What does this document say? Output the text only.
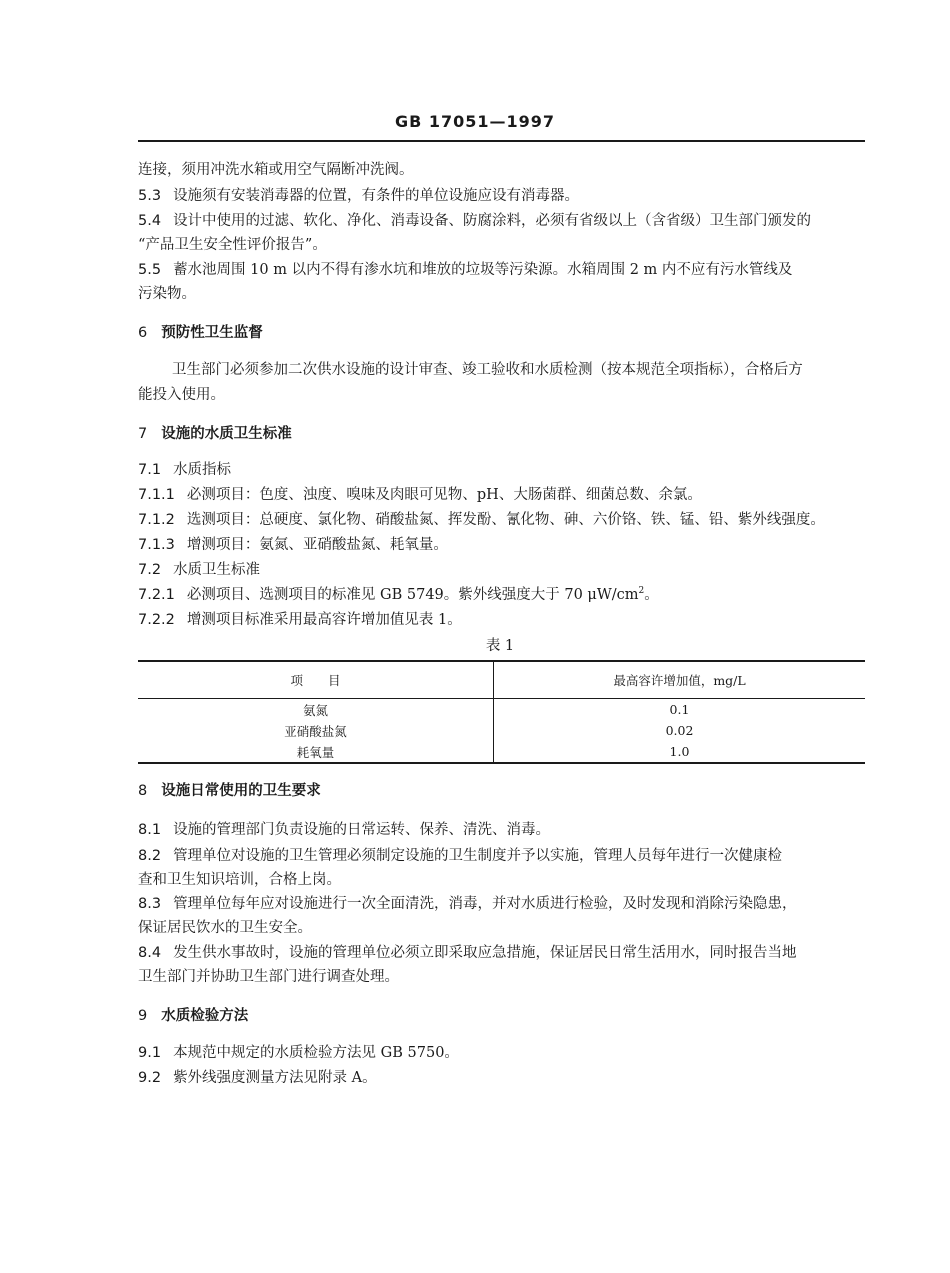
GB 17051—1997
连接，须用冲洗水箱或用空气隔断冲洗阀。
5.3 设施须有安装消毒器的位置，有条件的单位设施应设有消毒器。
5.4 设计中使用的过滤、软化、净化、消毒设备、防腐涂料，必须有省级以上（含省级）卫生部门颁发的
“产品卫生安全性评价报告”。
5.5 蓄水池周围 10 m 以内不得有渗水坑和堆放的垃圾等污染源。水箱周围 2 m 内不应有污水管线及
污染物。
6 预防性卫生监督
卫生部门必须参加二次供水设施的设计审查、竣工验收和水质检测（按本规范全项指标），合格后方
能投入使用。
7 设施的水质卫生标准
7.1 水质指标
7.1.1 必测项目：色度、浊度、嗅味及肉眼可见物、pH、大肠菌群、细菌总数、余氯。
7.1.2 选测项目：总硬度、氯化物、硝酸盐氮、挥发酚、氰化物、砷、六价铬、铁、锰、铅、紫外线强度。
7.1.3 增测项目：氨氮、亚硝酸盐氮、耗氧量。
7.2 水质卫生标准
7.2.1 必测项目、选测项目的标准见 GB 5749。紫外线强度大于 70 $\mu W/cm^2$。
7.2.2 增测项目标准采用最高容许增加值见表 1。
表 1
项　　目	最高容许增加值，mg/L
氨氮	0.1
亚硝酸盐氮	0.02
耗氧量	1.0
8 设施日常使用的卫生要求
8.1 设施的管理部门负责设施的日常运转、保养、清洗、消毒。
8.2 管理单位对设施的卫生管理必须制定设施的卫生制度并予以实施，管理人员每年进行一次健康检
查和卫生知识培训，合格上岗。
8.3 管理单位每年应对设施进行一次全面清洗，消毒，并对水质进行检验，及时发现和消除污染隐患，
保证居民饮水的卫生安全。
8.4 发生供水事故时，设施的管理单位必须立即采取应急措施，保证居民日常生活用水，同时报告当地
卫生部门并协助卫生部门进行调查处理。
9 水质检验方法
9.1 本规范中规定的水质检验方法见 GB 5750。
9.2 紫外线强度测量方法见附录 A。
